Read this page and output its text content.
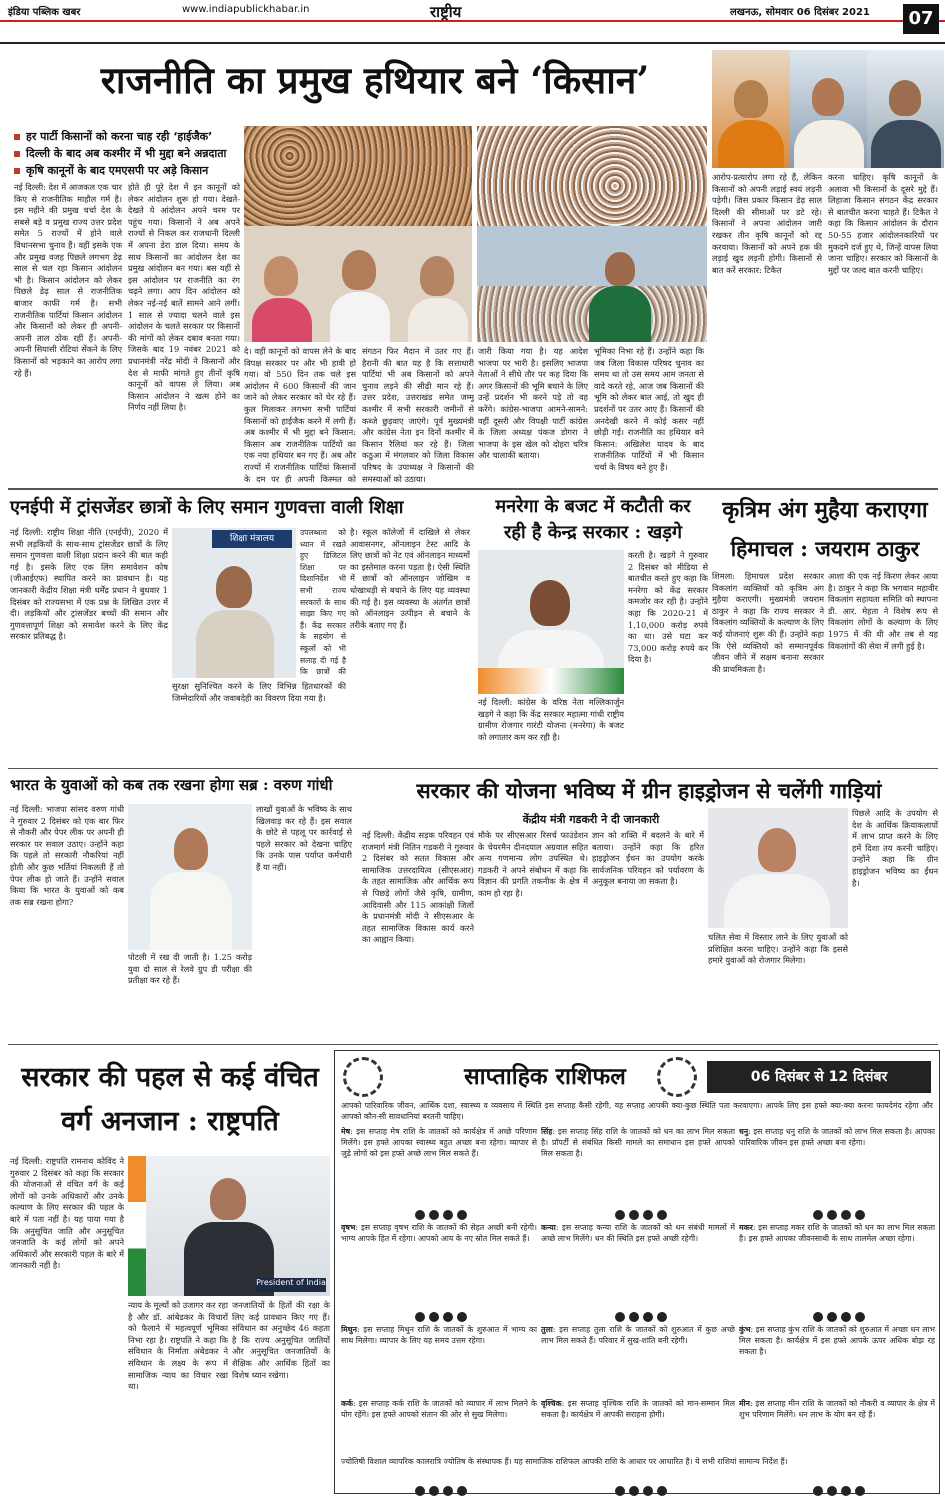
इंडिया पब्लिक खबर	www.indiapublickhabar.in	राष्ट्रीय	लखनऊ, सोमवार 06 दिसंबर 2021	07
राजनीति का प्रमुख हथियार बने ‘किसान’
हर पार्टी किसानों को करना चाह रही ‘हाईजैक’
दिल्ली के बाद अब कश्मीर में भी मुद्दा बने अन्नदाता
कृषि कानूनों के बाद एमएसपी पर अड़े किसान
नई दिल्ली: देश में आजकल एक चार किए से राजनीतिक माहौल गर्म है। इस महीने की प्रमुख चर्चा देश के सबसे बड़े व प्रमुख राज्य उत्तर प्रदेश समेत 5 राज्यों में होने वाले विधानसभा चुनाव हैं। वहीं इसके एक और प्रमुख वजह पिछले लगभग डेढ़ साल से चल रहा किसान आंदोलन भी है। किसान आंदोलन को लेकर पिछले डेढ़ साल से राजनीतिक बाजार काफी गर्म है। सभी राजनीतिक पार्टियां किसान आंदोलन और किसानों को लेकर ही अपनी-अपनी ताल ठोक रहीं हैं। अपनी-अपनी सियासी रोटियां सेंकने के लिए किसानों को भड़काने का आरोप लगा रहे हैं।
होते ही पूरे देश में इन कानूनों को लेकर आंदोलन शुरू हो गया। देखते-देखते ये आंदोलन अपने चरम पर पहुंच गया। किसानों ने अब अपने राज्यों से निकल कर राजधानी दिल्ली में अपना डेरा डाल दिया। समय के साथ किसानों का आंदोलन देश का प्रमुख आंदोलन बन गया। बस यहीं से इस आंदोलन पर राजनीति का रंग चढ़ने लगा। आप दिन आंदोलन को लेकर नई-नई बातें सामने आने लगीं। 1 साल से ज्यादा चलने वाले इस आंदोलन के चलते सरकार पर किसानों की मांगों को लेकर दबाव बनता गया। जिसके बाद 19 नवंबर 2021 को प्रधानमंत्री नरेंद्र मोदी ने किसानों और देश से माफी मांगते हुए तीनों कृषि कानूनों को वापस ले लिया। अब किसान आंदोलन ने खत्म होने का निर्णय नहीं लिया है।
दे। वहीं कानूनों को वापस लेने के बाद विपक्ष सरकार पर और भी हावी हो गया। वो 550 दिन तक चले इस आंदोलन में 600 किसानों की जान जाने को लेकर सरकार को घेर रहे हैं। कुल मिलाकर लगभग सभी पार्टियां किसानों को हाईजैक करने में लगी हैं। अब कश्मीर में भी मुद्दा बने किसान: किसान अब राजनीतिक पार्टियों का एक नया हथियार बन गए हैं। अब और राज्यों में राजनीतिक पार्टियां किसानों के दम पर ही अपनी किस्मत को
संगठन फिर मैदान में उतर गए हैं। हैरानी की बात यह है कि सत्ताधारी पार्टियां भी अब किसानों को अपने चुनाव लड़ने की सीढ़ी मान रहे हैं। उत्तर प्रदेश, उत्तराखंड समेत जम्मू कश्मीर में सभी सरकारी जमीनों से कब्जे छुड़वाए जाएंगे। पूर्व मुख्यमंत्री और कांग्रेस नेता इन दिनों कश्मीर में किसान रैलियां कर रहे हैं। जिला कठुआ में मंगलवार को जिला विकास परिषद के उपाध्यक्ष ने किसानों की समस्याओं को उठाया।
जारी किया गया है। यह आदेश भाजपा पर भारी है। इसलिए भाजपा नेताओं ने सीधे तौर पर कह दिया कि अगर किसानों की भूमि बचाने के लिए उन्हें प्रदर्शन भी करने पड़े तो वह करेंगे। कांग्रेस-भाजपा आमने-सामने: वहीं दूसरी और विपक्षी पार्टी कांग्रेस के जिला अध्यक्ष पंकज डोगरा ने भाजपा के इस खेल को दोहरा चरित्र और चालाकी बताया।
भूमिका निभा रहे हैं। उन्होंने कहा कि जब जिला विकास परिषद चुनाव का समय था तो उस समय आम जनता से वादे करते रहे, आज जब किसानों की भूमि को लेकर बात आई, तो खुद ही प्रदर्शनों पर उतर आए हैं। किसानों की अनदेखी करने में कोई कसर नहीं छोड़ी गई। राजनीति का हथियार बने किसान: अखिलेश यादव के बाद राजनीतिक पार्टियों में भी किसान चर्चा के विषय बने हुए हैं।
आरोप-प्रत्यारोप लगा रहे हैं, लेकिन किसानों को अपनी लड़ाई स्वयं लड़नी पड़ेगी। जिस प्रकार किसान डेढ़ साल दिल्ली की सीमाओं पर डटे रहे। किसानों ने अपना आंदोलन जारी रखकर तीन कृषि कानूनों को रद्द करवाया। किसानों को अपने हक की लड़ाई खुद लड़नी होगी। किसानों से बात करें सरकार: टिकैत
करना चाहिए। कृषि कानूनों के अलावा भी किसानों के दूसरे मुद्दे हैं। लिहाजा किसान संगठन केंद्र सरकार से बातचीत करना चाहते हैं। टिकैत ने कहा कि किसान आंदोलन के दौरान 50-55 हजार आंदोलनकारियों पर मुकदमे दर्ज हुए थे, जिन्हें वापस लिया जाना चाहिए। सरकार को किसानों के मुद्दों पर जल्द बात करनी चाहिए।
एनईपी में ट्रांसजेंडर छात्रों के लिए समान गुणवत्ता वाली शिक्षा
शिक्षा मंत्रालय
नई दिल्ली: राष्ट्रीय शिक्षा नीति (एनईपी), 2020 में सभी लड़कियों के साथ-साथ ट्रांसजेंडर छात्रों के लिए समान गुणवत्ता वाली शिक्षा प्रदान करने की बात कही गई है। इसके लिए एक लिंग समावेशन कोष (जीआईएफ) स्थापित करने का प्रावधान है। यह जानकारी केंद्रीय शिक्षा मंत्री धर्मेंद्र प्रधान ने बुधवार 1 दिसंबर को राज्यसभा में एक प्रश्न के लिखित उत्तर में दी। लड़कियों और ट्रांसजेंडर बच्चों की समान और गुणवत्तापूर्ण शिक्षा को समावेश करने के लिए केंद्र सरकार प्रतिबद्ध है।
उपलब्धता को ध्यान में रखते हुए डिजिटल शिक्षा पर दिशानिर्देश भी सभी राज्य सरकारों के साथ साझा किए गए हैं। केंद्र सरकार के सहयोग से स्कूलों को भी सलाह दी गई है कि छात्रों की
सुरक्षा सुनिश्चित करने के लिए विभिन्न हितधारकों की जिम्मेदारियों और जवाबदेही का विवरण दिया गया है।
है। स्कूल कॉलेजों में दाखिले से लेकर आवासनगर, ऑनलाइन टेस्ट आदि के लिए छात्रों को नेट एवं ऑनलाइन माध्यमों का इस्तेमाल करना पड़ता है। ऐसी स्थिति में छात्रों को ऑनलाइन जोखिम व धोखाधड़ी से बचाने के लिए यह व्यवस्था की गई है। इस व्यवस्था के अंतर्गत छात्रों को ऑनलाइन उत्पीड़न से बचाने के तरीके बताए गए हैं।
मनरेगा के बजट में कटौती कर
रही है केन्द्र सरकार : खड़गे
करती है। खड़गे ने गुरुवार 2 दिसंबर को मीडिया से बातचीत करते हुए कहा कि मनरेगा को केंद्र सरकार कमजोर कर रही है। उन्होंने कहा कि 2020-21 में 1,10,000 करोड़ रुपये का था। उसे घटा कर 73,000 करोड़ रुपये कर दिया है।
नई दिल्ली: कांग्रेस के वरिष्ठ नेता मल्लिकार्जुन खड़गे ने कहा कि केंद्र सरकार महात्मा गांधी राष्ट्रीय ग्रामीण रोजगार गारंटी योजना (मनरेगा) के बजट को लगातार कम कर रही है।
कृत्रिम अंग मुहैया कराएगा
हिमाचल : जयराम ठाकुर
शिमला: हिमाचल प्रदेश सरकार विकलांग व्यक्तियों को कृत्रिम अंग मुहैया कराएगी। मुख्यमंत्री जयराम ठाकुर ने कहा कि राज्य सरकार ने विकलांग व्यक्तियों के कल्याण के लिए कई योजनाएं शुरू की हैं। उन्होंने कहा कि ऐसे व्यक्तियों को सम्मानपूर्वक जीवन जीने में सक्षम बनाना सरकार की प्राथमिकता है।
आशा की एक नई किरण लेकर आया है। ठाकुर ने कहा कि भगवान महावीर विकलांग सहायता समिति को स्थापना डी. आर. मेहता ने विशेष रूप से विकलांग लोगों के कल्याण के लिए 1975 में की थी और तब से यह विकलांगों की सेवा में लगी हुई है।
भारत के युवाओं को कब तक रखना होगा सब्र : वरुण गांधी
नई दिल्ली: भाजपा सांसद वरुण गांधी ने गुरुवार 2 दिसंबर को एक बार फिर से नौकरी और पेपर लीक पर अपनी ही सरकार पर सवाल उठाए। उन्होंने कहा कि पहले तो सरकारी नौकरियां नहीं होती और कुछ भर्तियां निकलती हैं तो पेपर लीक हो जाते हैं। उन्होंने सवाल किया कि भारत के युवाओं को कब तक सब्र रखना होगा?
पोटली में रख दी जाती है। 1.25 करोड़ युवा दो साल से रेलवे ग्रुप डी परीक्षा की प्रतीक्षा कर रहे हैं।
लाखों युवाओं के भविष्य के साथ खिलवाड़ कर रहे हैं। इस सवाल के छोटे से पहलू पर कार्रवाई से पहले सरकार को देखना चाहिए कि उनके पास पर्याप्त कर्मचारी हैं या नहीं।
सरकार की योजना भविष्य में ग्रीन हाइड्रोजन से चलेंगी गाड़ियां
केंद्रीय मंत्री गडकरी ने दी जानकारी
नई दिल्ली: केंद्रीय सड़क परिवहन एवं राजमार्ग मंत्री नितिन गडकरी ने गुरुवार 2 दिसंबर को सतत विकास और सामाजिक उत्तरदायित्व (सीएसआर) के तहत सामाजिक और आर्थिक रूप से पिछड़े लोगों जैसे कृषि, ग्रामीण, आदिवासी और 115 आकांक्षी जिलों के प्रधानमंत्री मोदी ने सीएसआर के तहत सामाजिक विकास कार्य करने का आह्वान किया।
मौके पर सीएसआर रिसर्च फाउंडेशन के चेयरमैन दीनदयाल अग्रवाल सहित अन्य गणमान्य लोग उपस्थित थे। गडकरी ने अपने संबोधन में कहा कि विज्ञान की प्रगति तकनीक के क्षेत्र में काम हो रहा है।
ज्ञान को शक्ति में बदलने के बारे में बताया। उन्होंने कहा कि हरित हाइड्रोजन ईंधन का उपयोग करके सार्वजनिक परिवहन को पर्यावरण के अनुकूल बनाया जा सकता है।
चलित सेवा में विस्तार लाने के लिए युवाओं को प्रशिक्षित करना चाहिए। उन्होंने कहा कि इससे हमारे युवाओं को रोजगार मिलेगा।
पिछले आदि के उपयोग से देश के आर्थिक क्रियाकलापों में लाभ प्राप्त करने के लिए हमें दिशा तय करनी चाहिए। उन्होंने कहा कि ग्रीन हाइड्रोजन भविष्य का ईंधन है।
सरकार की पहल से कई वंचित
वर्ग अनजान : राष्ट्रपति
President of India
नई दिल्ली: राष्ट्रपति रामनाथ कोविंद ने गुरुवार 2 दिसंबर को कहा कि सरकार की योजनाओं से वंचित वर्ग के कई लोगों को उनके अधिकारों और उनके कल्याण के लिए सरकार की पहल के बारे में पता नहीं है। यह पाया गया है कि अनुसूचित जाति और अनुसूचित जनजाति के कई लोगों को अपने अधिकारों और सरकारी पहल के बारे में जानकारी नहीं है।
न्याय के मूल्यों को उजागर कर रहा है और डॉ. आंबेडकर के विचारों को फैलाने में महत्वपूर्ण भूमिका निभा रहा है। राष्ट्रपति ने कहा कि संविधान के निर्माता अंबेडकर ने संविधान के लक्ष्य के रूप में सामाजिक न्याय का विचार रखा था।
जनजातियों के हितों की रक्षा के लिए कई प्रावधान किए गए हैं। संविधान का अनुच्छेद 46 कहता है कि राज्य अनुसूचित जातियों और अनुसूचित जनजातियों के शैक्षिक और आर्थिक हितों का विशेष ध्यान रखेगा।
साप्ताहिक राशिफल	06 दिसंबर से 12 दिसंबर
आपको पारिवारिक जीवन, आर्थिक दशा, स्वास्थ्य व व्यवसाय में स्थिति इस सप्ताह कैसी रहेगी, यह सप्ताह आपकी क्या-कुछ स्थिति पता करवाएगा। आपके लिए इस हफ्ते क्या-क्या करना फायदेमंद रहेगा और आपको कौन-सी सावधानियां बरतनी चाहिए।
मेष: इस सप्ताह मेष राशि के जातकों को कार्यक्षेत्र में अच्छे परिणाम मिलेंगे। इस हफ्ते आपका स्वास्थ्य बहुत अच्छा बना रहेगा। व्यापार से जुड़े लोगों को इस हफ्ते अच्छे लाभ मिल सकते हैं।
सिंह: इस सप्ताह सिंह राशि के जातकों को धन का लाभ मिल सकता है। प्रॉपर्टी से संबंधित किसी मामले का समाधान इस हफ्ते आपको मिल सकता है।
धनु: इस सप्ताह धनु राशि के जातकों को लाभ मिल सकता है। आपका पारिवारिक जीवन इस हफ्ते अच्छा बना रहेगा।
वृषभ: इस सप्ताह वृषभ राशि के जातकों की सेहत अच्छी बनी रहेगी। भाग्य आपके हित में रहेगा। आपको आय के नए स्रोत मिल सकते हैं।
कन्या: इस सप्ताह कन्या राशि के जातकों को धन संबंधी मामलों में अच्छे लाभ मिलेंगे। धन की स्थिति इस हफ्ते अच्छी रहेगी।
मकर: इस सप्ताह मकर राशि के जातकों को धन का लाभ मिल सकता है। इस हफ्ते आपका जीवनसाथी के साथ तालमेल अच्छा रहेगा।
मिथुन: इस सप्ताह मिथुन राशि के जातकों के शुरुआत में भाग्य का साथ मिलेगा। व्यापार के लिए यह समय उत्तम रहेगा।
तुला: इस सप्ताह तुला राशि के जातकों को शुरुआत में कुछ अच्छे लाभ मिल सकते हैं। परिवार में सुख-शांति बनी रहेगी।
कुंभ: इस सप्ताह कुंभ राशि के जातकों को शुरुआत में अच्छा धन लाभ मिल सकता है। कार्यक्षेत्र में इस हफ्ते आपके ऊपर अधिक बोझ रह सकता है।
कर्क: इस सप्ताह कर्क राशि के जातकों को व्यापार में लाभ मिलने के योग रहेंगे। इस हफ्ते आपको संतान की ओर से सुख मिलेगा।
वृश्चिक: इस सप्ताह वृश्चिक राशि के जातकों को मान-सम्मान मिल सकता है। कार्यक्षेत्र में आपकी सराहना होगी।
मीन: इस सप्ताह मीन राशि के जातकों को नौकरी व व्यापार के क्षेत्र में शुभ परिणाम मिलेंगे। धन लाभ के योग बन रहे हैं।
ज्योतिषी विशाल व्यापरिक कालरात्रि ज्योतिष के संस्थापक हैं। यह सामाजिक राशिफल आपकी राशि के आधार पर आधारित है। ये सभी राशियां सामान्य निर्देश हैं।
